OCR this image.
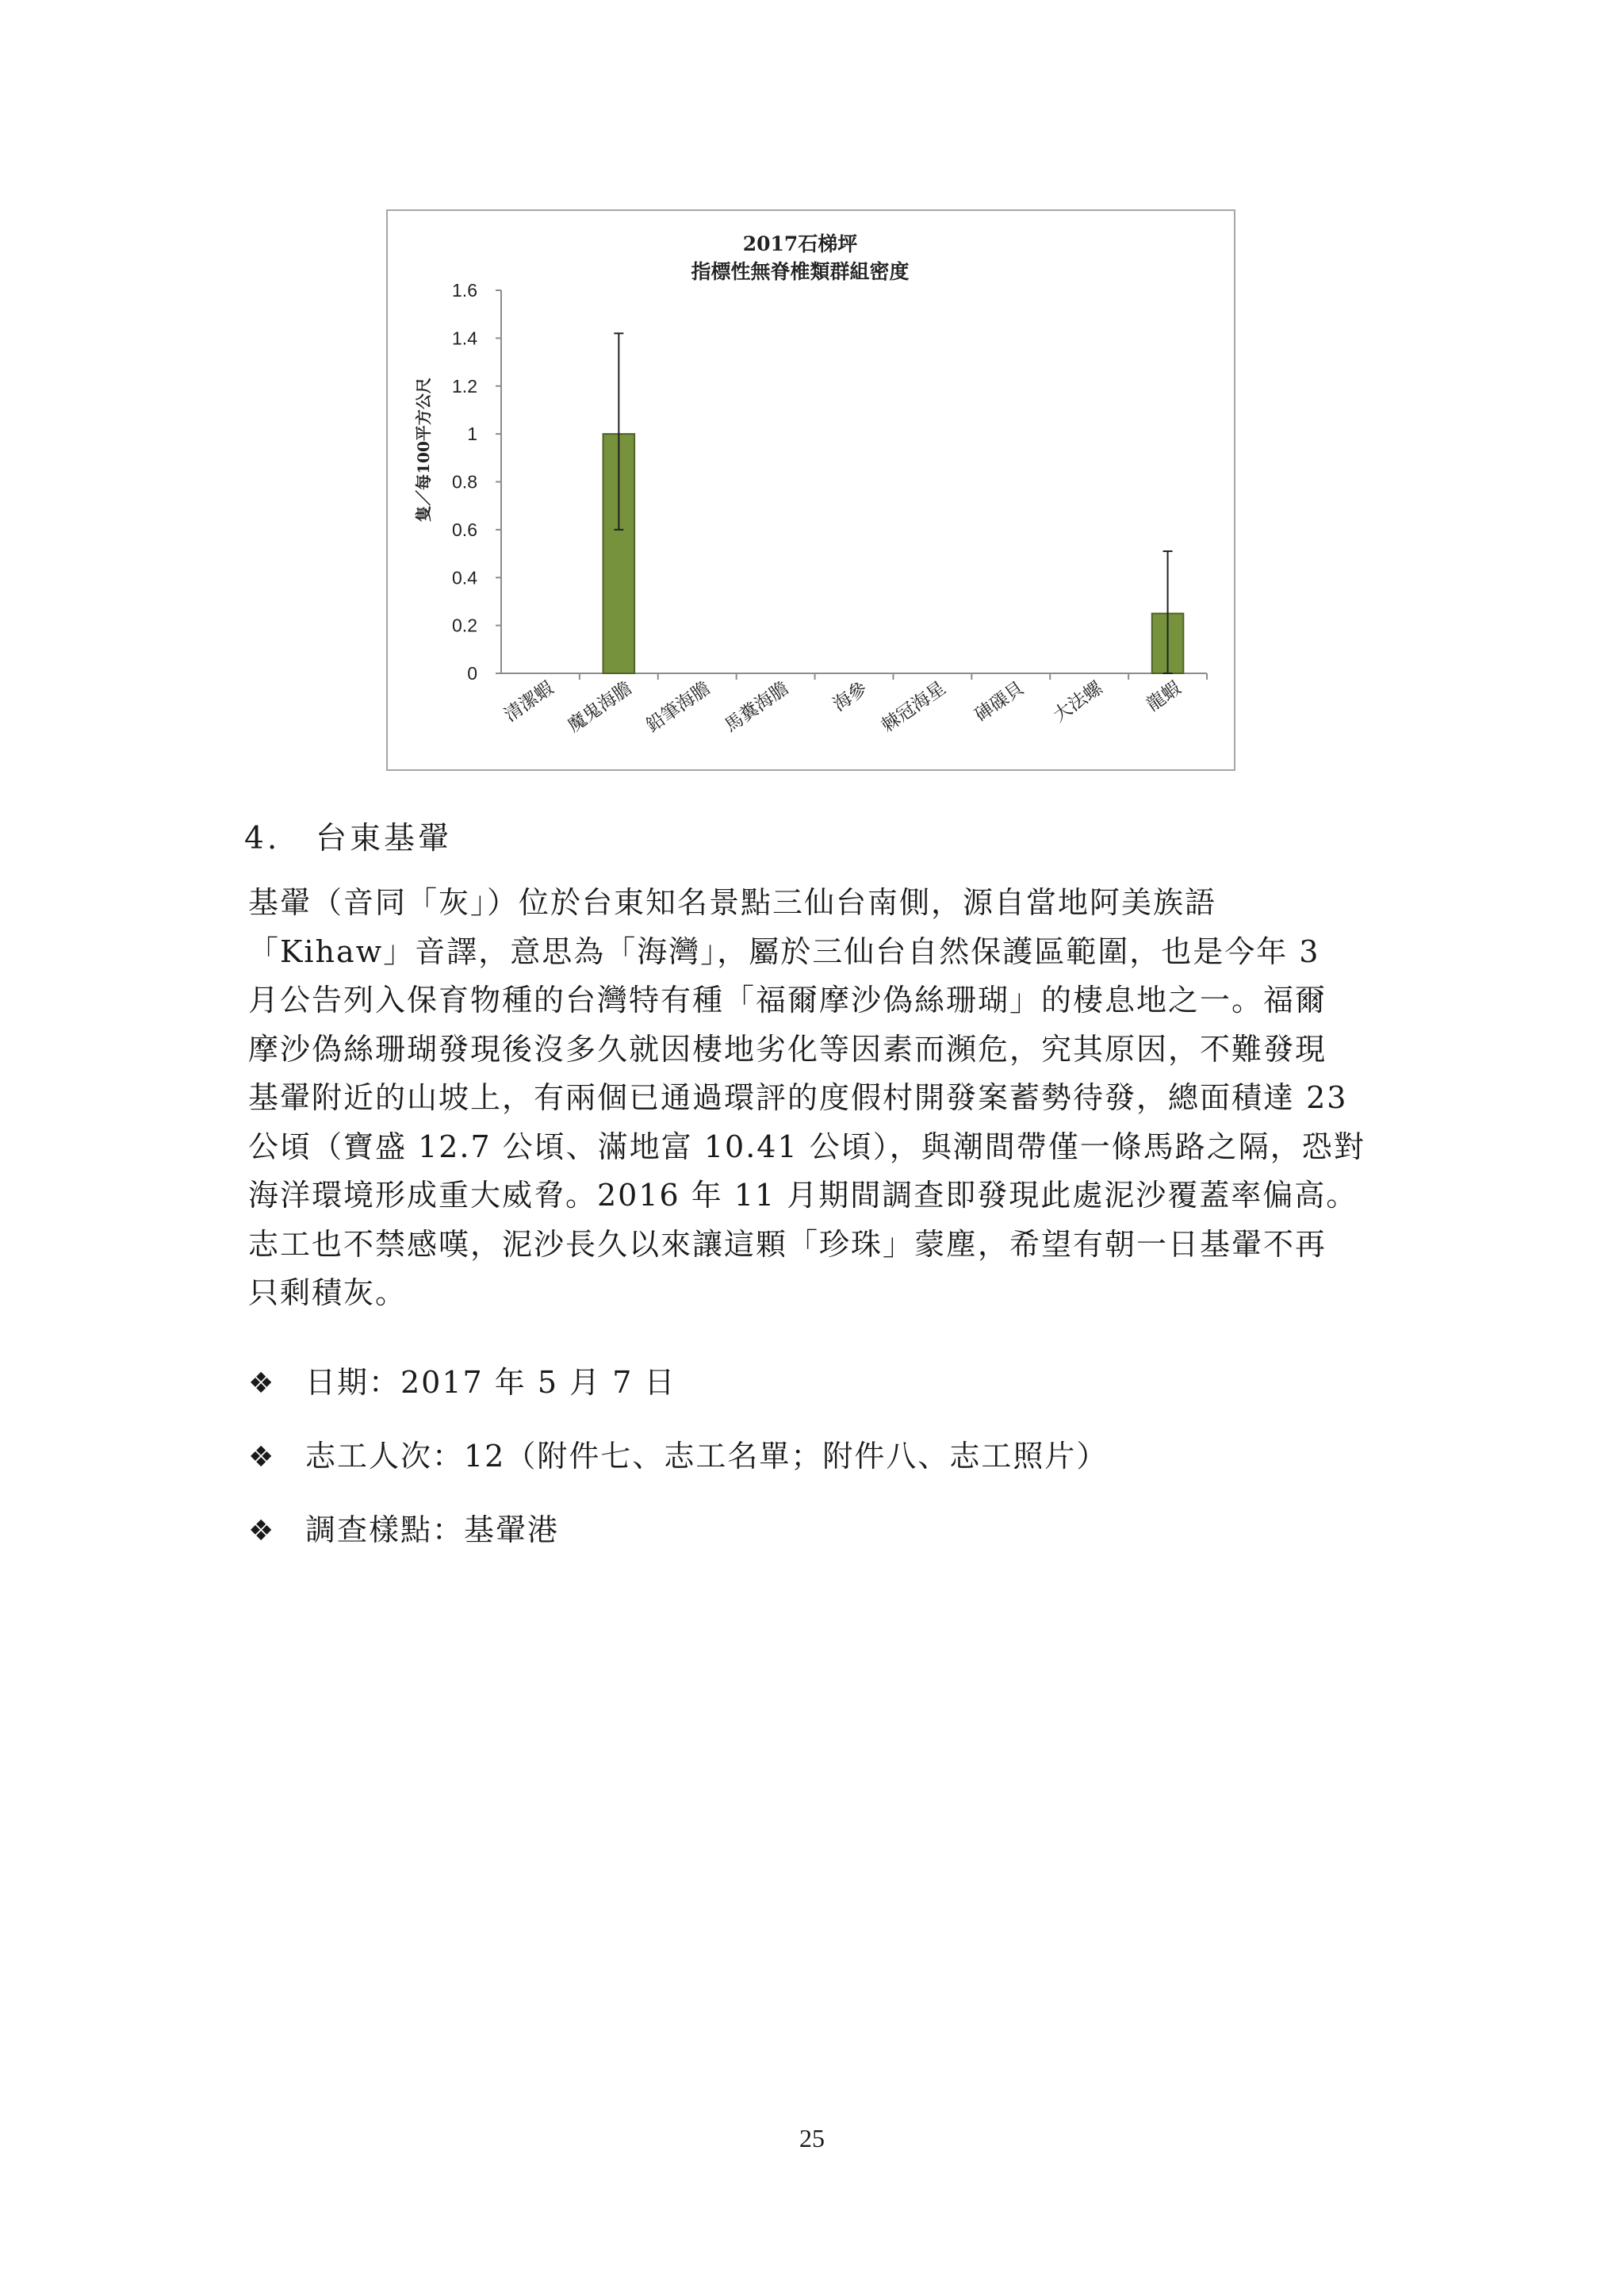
2017石梯坪
指標性無脊椎類群組密度
隻／每100平方公尺
0
0.2
0.4
0.6
0.8
1
1.2
1.4
1.6
清潔蝦 魔鬼海膽 鉛筆海膽 馬糞海膽 海參 棘冠海星 硨磲貝 大法螺 龍蝦
4. 台東基翬
基翬（音同「灰」）位於台東知名景點三仙台南側，源自當地阿美族語
「Kihaw」音譯，意思為「海灣」，屬於三仙台自然保護區範圍，也是今年 3
月公告列入保育物種的台灣特有種「福爾摩沙偽絲珊瑚」的棲息地之一。福爾
摩沙偽絲珊瑚發現後沒多久就因棲地劣化等因素而瀕危，究其原因，不難發現
基翬附近的山坡上，有兩個已通過環評的度假村開發案蓄勢待發，總面積達 23
公頃（寶盛 12.7 公頃、滿地富 10.41 公頃），與潮間帶僅一條馬路之隔，恐對
海洋環境形成重大威脅。2016 年 11 月期間調查即發現此處泥沙覆蓋率偏高。
志工也不禁感嘆，泥沙長久以來讓這顆「珍珠」蒙塵，希望有朝一日基翬不再
只剩積灰。
❖ 日期：2017 年 5 月 7 日
❖ 志工人次：12（附件七、志工名單；附件八、志工照片）
❖ 調查樣點：基翬港
25
